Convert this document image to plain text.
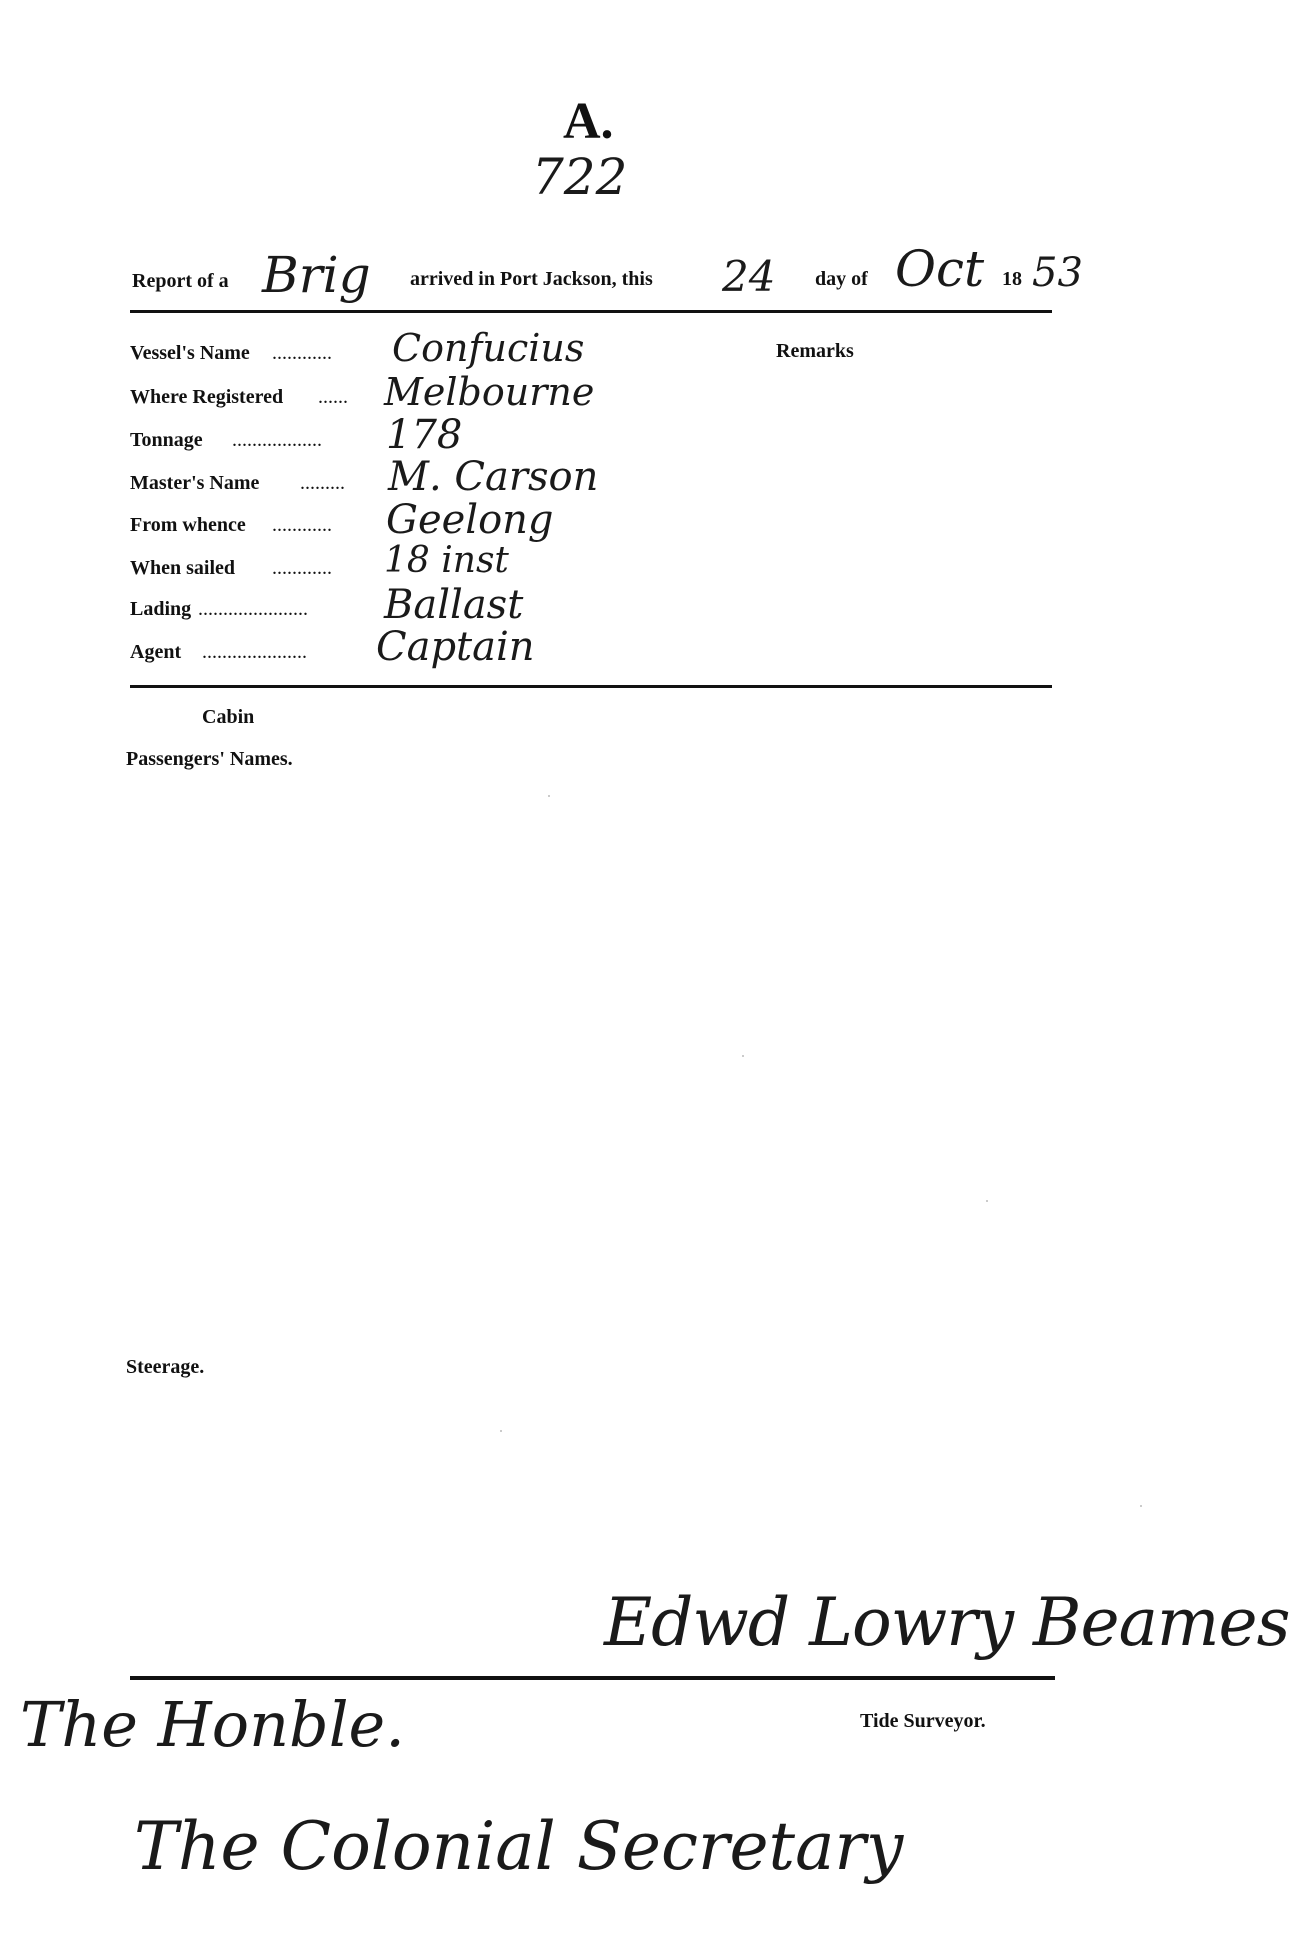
A.
722
Report of a Brig arrived in Port Jackson, this 24 day of Oct 18 53
Vessel's Name ............ Confucius
Where Registered ...... Melbourne
Tonnage .................. 178
Master's Name ......... M. Carson
From whence ............ Geelong
When sailed ............ 18 inst
Lading ...................... Ballast
Agent ..................... Captain
Remarks
Cabin
Passengers' Names.
Steerage.
Edwd Lowry Beames
Tide Surveyor.
The Honble.
The Colonial Secretary
